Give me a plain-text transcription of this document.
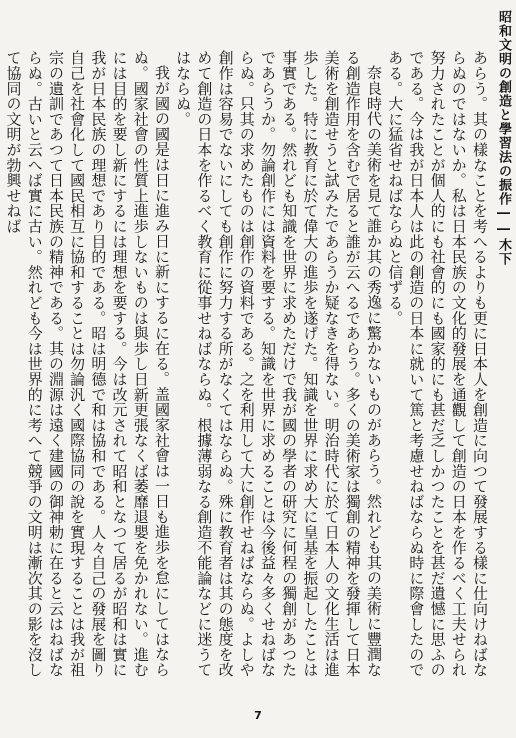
昭和文明の創造と學習法の振作――木下

あらう。其の樣なことを考へるよりも更に日本人を創造に向つて發展する樣に仕向けねばならぬのではないか。私は日本民族の文化的發展を通觀して創造の日本を作るべく工夫せられ努力されたことが個人的にも社會的にも國家的にも甚だ乏しかつたことを甚だ遺憾に思ふのである。今は我が日本人は此の創造の日本に就いて篤と考慮せねばならぬ時に際會したのである。大に猛省せねばならぬと信ずる。

奈良時代の美術を見て誰か其の秀逸に驚かないものがあらう。然れども其の美術に豐潤なる創造作用を含むで居ると誰が云へるであらう。多くの美術家は獨創の精神を發揮して日本美術を創造せうと試みたであらうか疑なきを得ない。明治時代に於て日本人の文化生活は進歩した。特に教育に於て偉大の進歩を遂げた。知識を世界に求め大に皇基を振起したことは事實である。然れども知識を世界に求めただけで我が國の學者の研究に何程の獨創があつたであらうか。勿論創作には資料を要する。知識を世界に求めることは今後益々多くせねばならぬ。只其の求めたものは創作の資料である。之を利用して大に創作せねばならぬ。よしや創作は容易でないにしても創作に努力する所がなくてはならぬ。殊に教育者は其の態度を改めて創造の日本を作るべく教育に從事せねばならぬ。根據薄弱なる創造不能論などに迷うてはならぬ。

我が國の國是は日に進み日に新にするに在る。盖國家社會は一日も進歩を怠にしてはならぬ。國家社會の性質上進歩しないものは與歩し日新更張なくば萎靡退嬰を免かれない。進むには目的を要し新にするには理想を要する。今は改元されて昭和となつて居るが昭和は實に我が日本民族の理想であり目的である。昭は明德で和は協和である。人々自己の發展を圖り自己を社會化して國民相互に協和することは勿論汎く國際協同の說を實現することは我が祖宗の遺訓であつて日本民族の精神である。其の淵源は遠く建國の御神勅に在ると云はねばならぬ。古いと云へば實に古い。然れども今は世界的に考へて競爭の文明は漸次其の影を沒して協同の文明が勃興せねば

7
